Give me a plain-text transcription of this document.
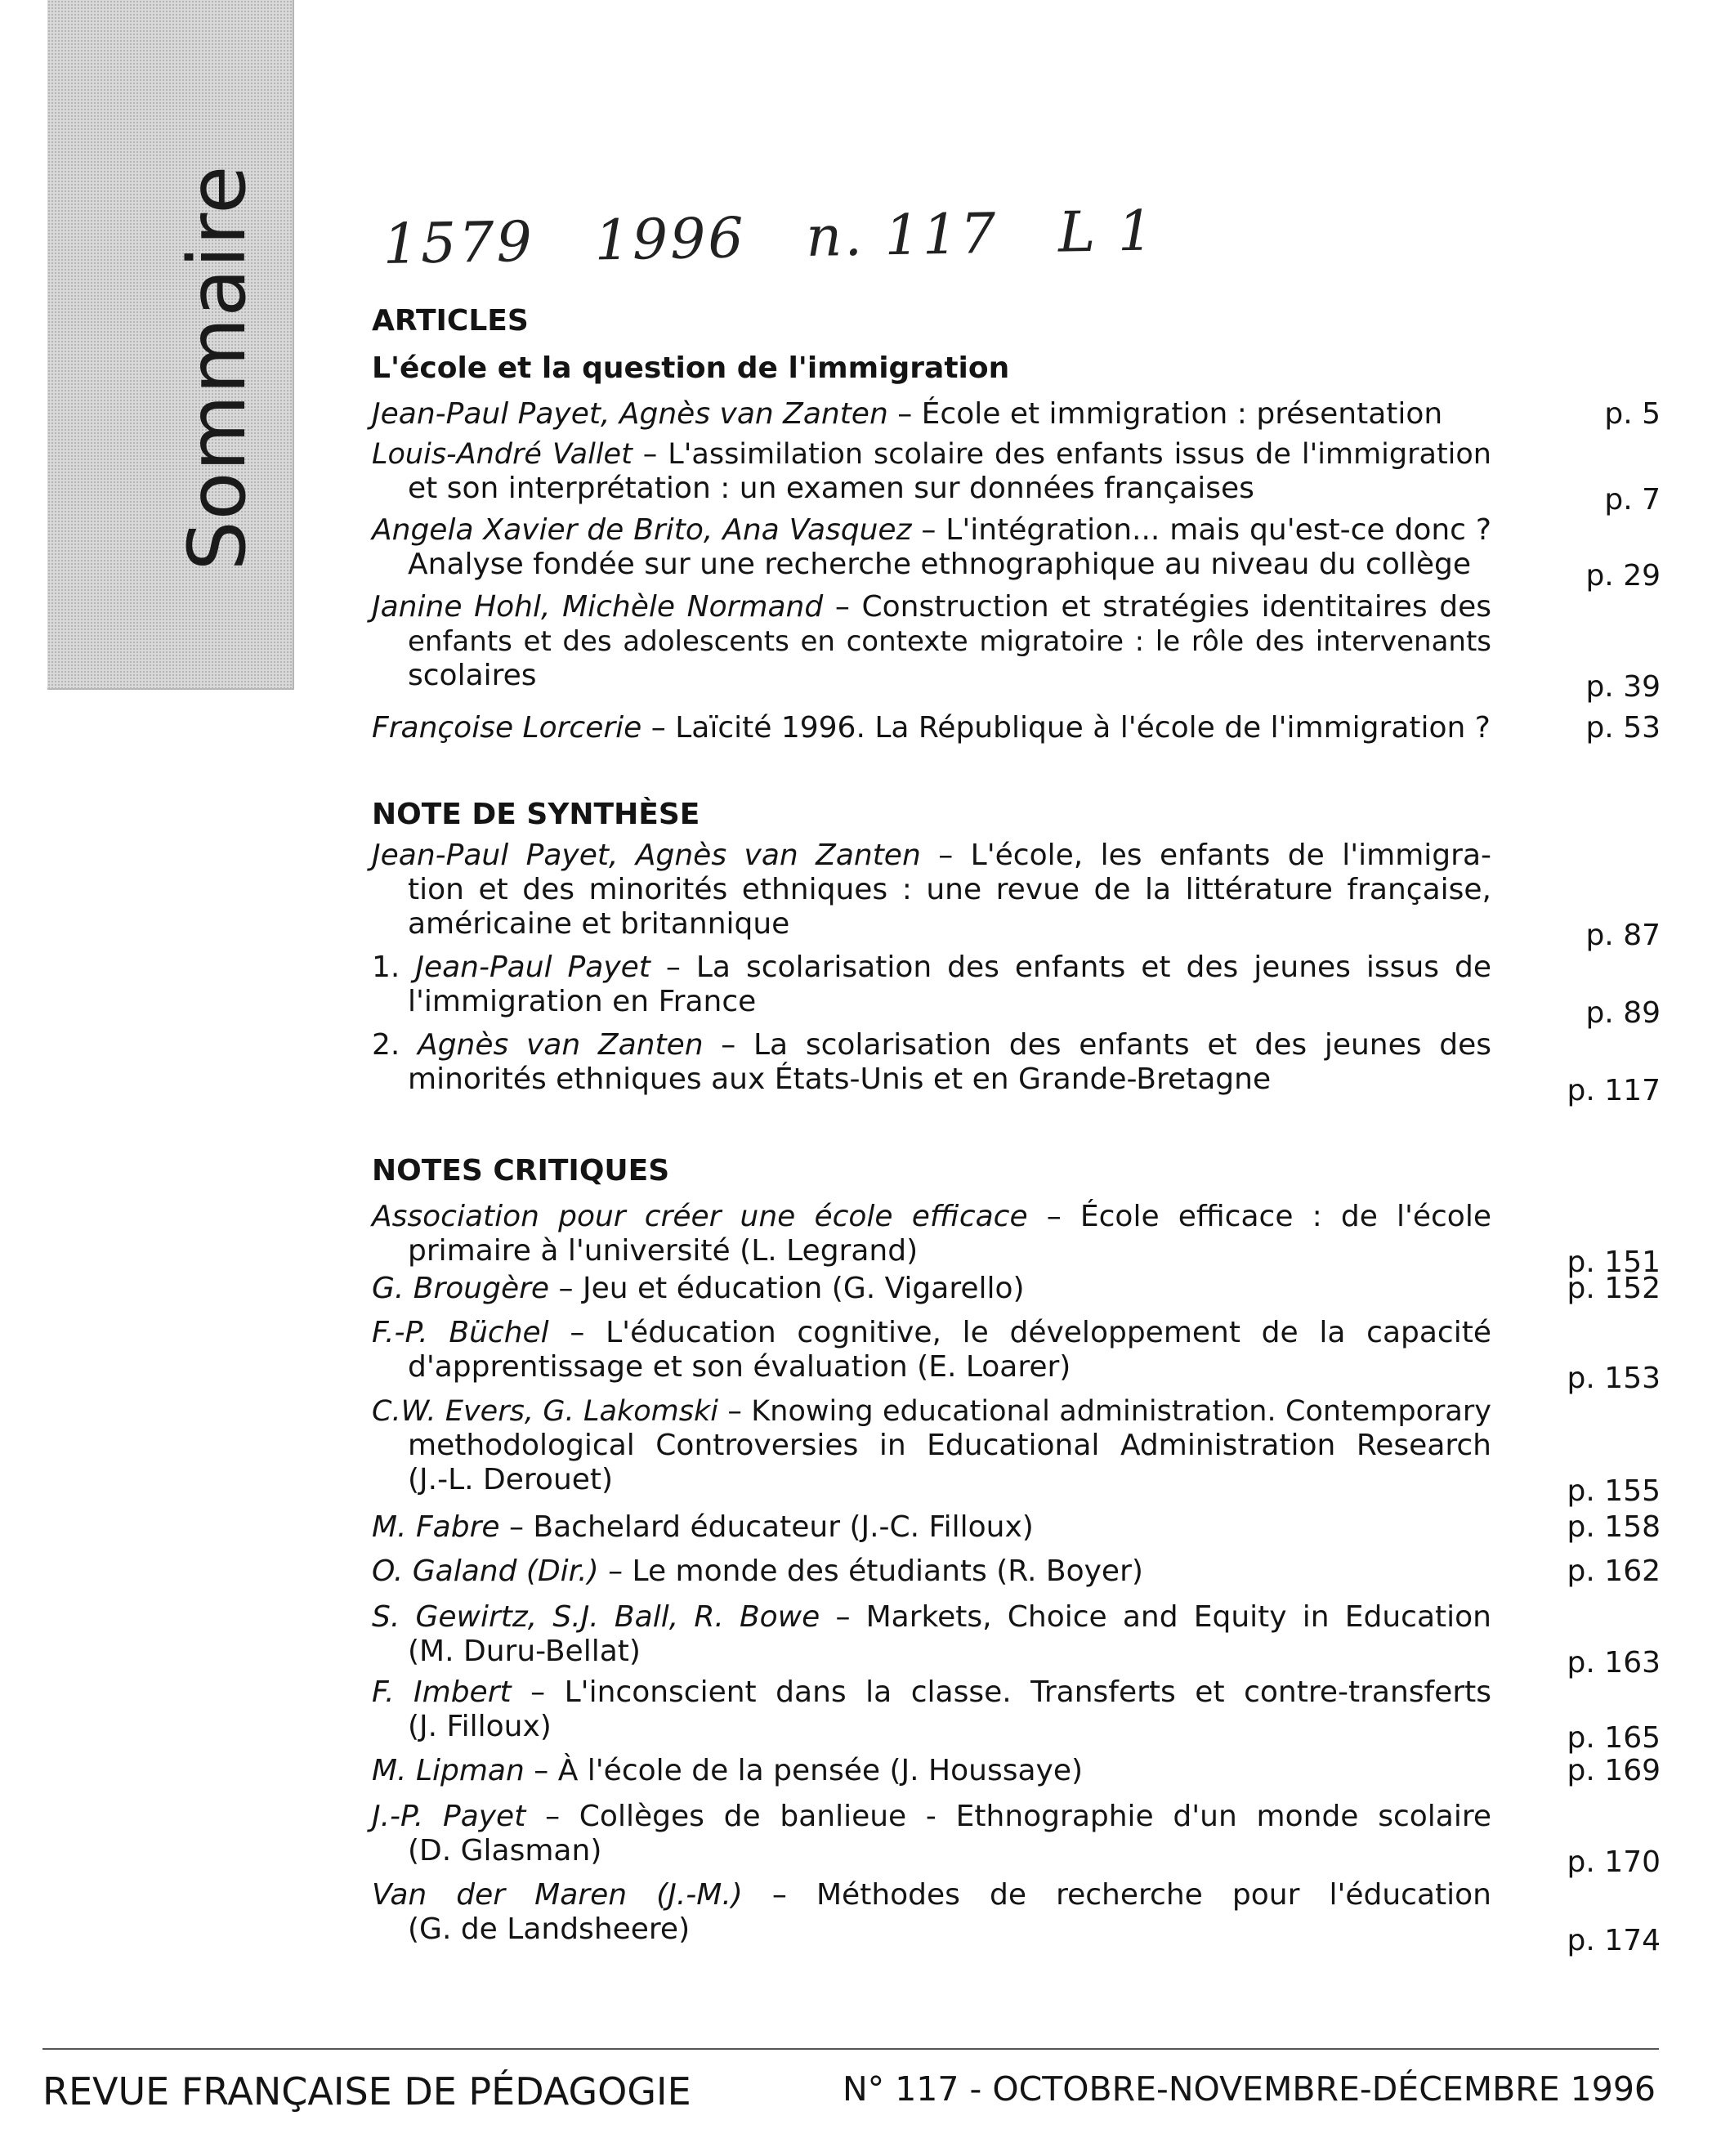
Sommaire 1579   1996   n. 117   L 1
ARTICLES
L'école et la question de l'immigration
Jean-Paul Payet, Agnès van Zanten – École et immigration : présentation	p. 5
Louis-André Vallet – L'assimilation scolaire des enfants issus de l'immigration
et son interprétation : un examen sur données françaises	p. 7
Angela Xavier de Brito, Ana Vasquez – L'intégration... mais qu'est-ce donc ?
Analyse fondée sur une recherche ethnographique au niveau du collège	p. 29
Janine Hohl, Michèle Normand – Construction et stratégies identitaires des
enfants et des adolescents en contexte migratoire : le rôle des intervenants
scolaires	p. 39
Françoise Lorcerie – Laïcité 1996. La République à l'école de l'immigration ?	p. 53
NOTE DE SYNTHÈSE
Jean-Paul Payet, Agnès van Zanten – L'école, les enfants de l'immigra-
tion et des minorités ethniques : une revue de la littérature française,
américaine et britannique	p. 87
1. Jean-Paul Payet – La scolarisation des enfants et des jeunes issus de
l'immigration en France	p. 89
2. Agnès van Zanten – La scolarisation des enfants et des jeunes des
minorités ethniques aux États-Unis et en Grande-Bretagne	p. 117
NOTES CRITIQUES
Association pour créer une école efficace – École efficace : de l'école
primaire à l'université (L. Legrand)	p. 151
G. Brougère – Jeu et éducation (G. Vigarello)	p. 152
F.-P. Büchel – L'éducation cognitive, le développement de la capacité
d'apprentissage et son évaluation (E. Loarer)	p. 153
C.W. Evers, G. Lakomski – Knowing educational administration. Contemporary
methodological Controversies in Educational Administration Research
(J.-L. Derouet)	p. 155
M. Fabre – Bachelard éducateur (J.-C. Filloux)	p. 158
O. Galand (Dir.) – Le monde des étudiants (R. Boyer)	p. 162
S. Gewirtz, S.J. Ball, R. Bowe – Markets, Choice and Equity in Education
(M. Duru-Bellat)	p. 163
F. Imbert – L'inconscient dans la classe. Transferts et contre-transferts
(J. Filloux)	p. 165
M. Lipman – À l'école de la pensée (J. Houssaye)	p. 169
J.-P. Payet – Collèges de banlieue - Ethnographie d'un monde scolaire
(D. Glasman)	p. 170
Van der Maren (J.-M.) – Méthodes de recherche pour l'éducation
(G. de Landsheere)	p. 174
REVUE FRANÇAISE DE PÉDAGOGIE	N° 117 - OCTOBRE-NOVEMBRE-DÉCEMBRE 1996
